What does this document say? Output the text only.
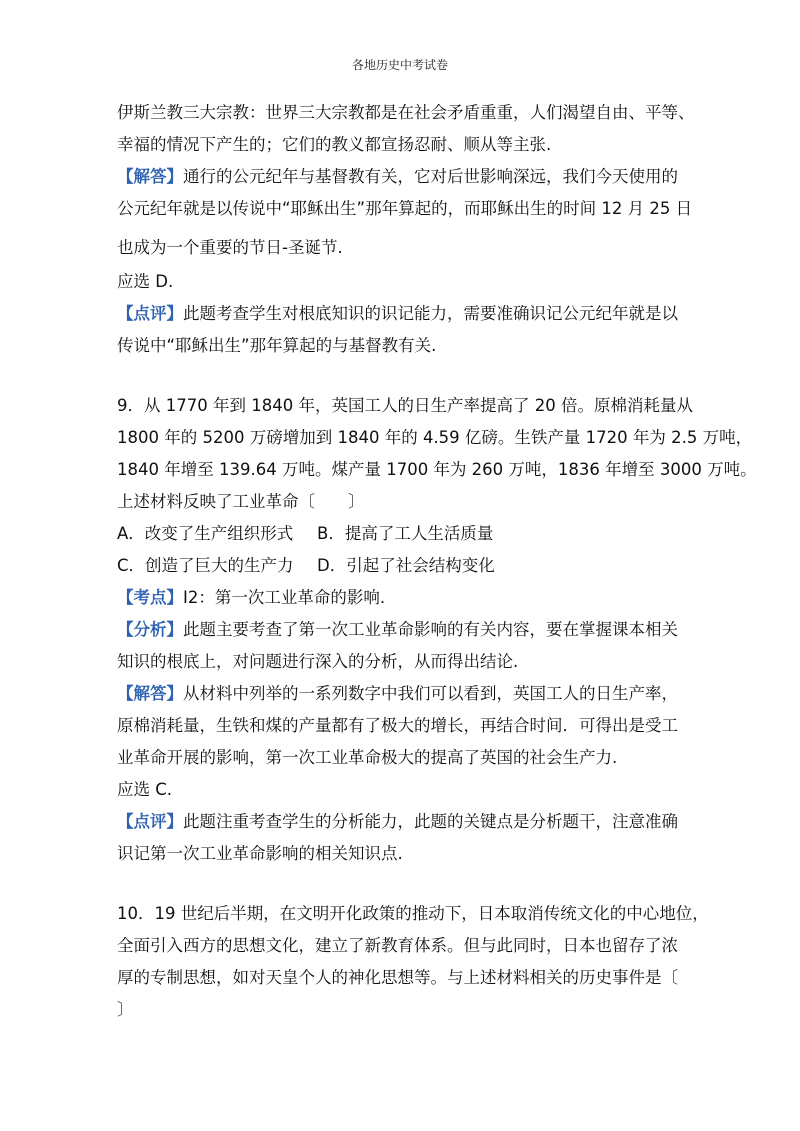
各地历史中考试卷
伊斯兰教三大宗教：世界三大宗教都是在社会矛盾重重，人们渴望自由、平等、
幸福的情况下产生的；它们的教义都宣扬忍耐、顺从等主张.
【解答】通行的公元纪年与基督教有关，它对后世影响深远，我们今天使用的
公元纪年就是以传说中“耶稣出生”那年算起的，而耶稣出生的时间 12 月 25 日
也成为一个重要的节日-圣诞节.
应选 D.
【点评】此题考查学生对根底知识的识记能力，需要准确识记公元纪年就是以
传说中“耶稣出生”那年算起的与基督教有关.
9．从 1770 年到 1840 年，英国工人的日生产率提高了 20 倍。原棉消耗量从
1800 年的 5200 万磅增加到 1840 年的 4.59 亿磅。生铁产量 1720 年为 2.5 万吨，
1840 年增至 139.64 万吨。煤产量 1700 年为 260 万吨，1836 年增至 3000 万吨。
上述材料反映了工业革命〔　　〕
A．改变了生产组织形式 B．提高了工人生活质量
C．创造了巨大的生产力 D．引起了社会结构变化
【考点】I2：第一次工业革命的影响.
【分析】此题主要考查了第一次工业革命影响的有关内容，要在掌握课本相关
知识的根底上，对问题进行深入的分析，从而得出结论.
【解答】从材料中列举的一系列数字中我们可以看到，英国工人的日生产率，
原棉消耗量，生铁和煤的产量都有了极大的增长，再结合时间．可得出是受工
业革命开展的影响，第一次工业革命极大的提高了英国的社会生产力.
应选 C.
【点评】此题注重考查学生的分析能力，此题的关键点是分析题干，注意准确
识记第一次工业革命影响的相关知识点.
10．19 世纪后半期，在文明开化政策的推动下，日本取消传统文化的中心地位，
全面引入西方的思想文化，建立了新教育体系。但与此同时，日本也留存了浓
厚的专制思想，如对天皇个人的神化思想等。与上述材料相关的历史事件是〔
〕
